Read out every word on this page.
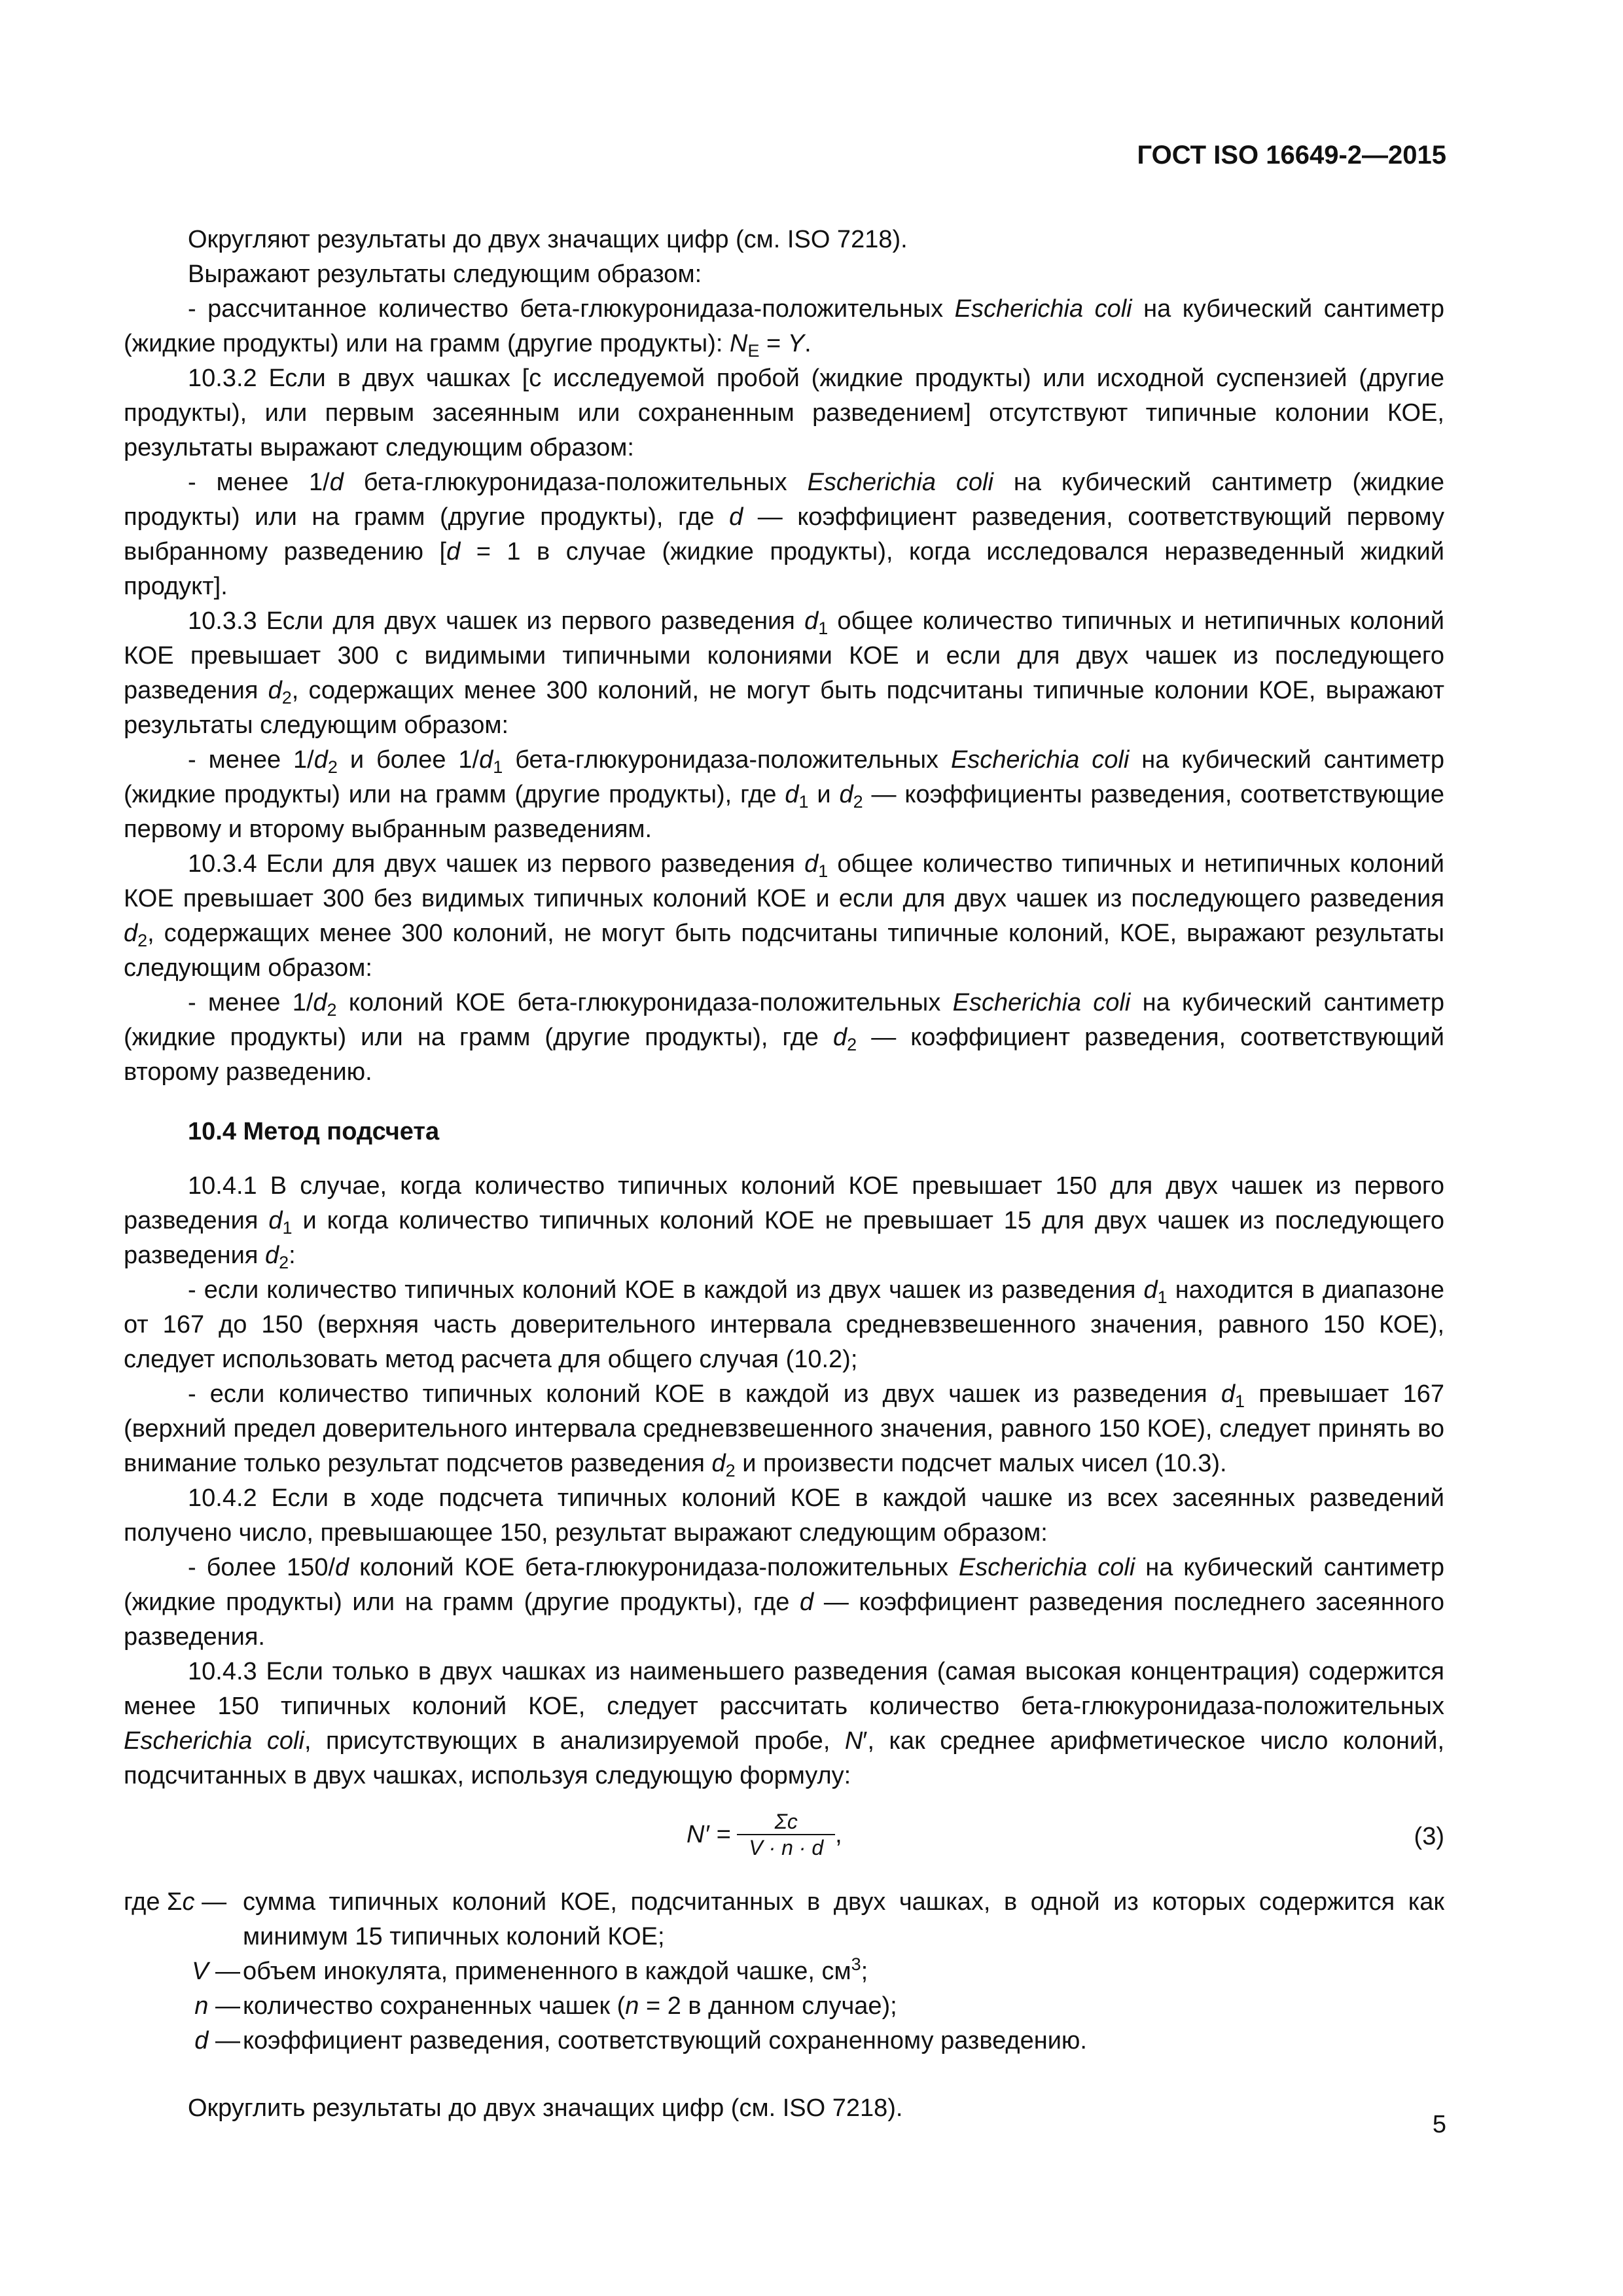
ГОСТ ISO 16649-2—2015

Округляют результаты до двух значащих цифр (см. ISO 7218).

Выражают результаты следующим образом:

- рассчитанное количество бета-глюкуронидаза-положительных Escherichia coli на кубический сантиметр (жидкие продукты) или на грамм (другие продукты): $N_E = Y$.

10.3.2 Если в двух чашках [с исследуемой пробой (жидкие продукты) или исходной суспензией (другие продукты), или первым засеянным или сохраненным разведением] отсутствуют типичные колонии КОЕ, результаты выражают следующим образом:

- менее 1/d бета-глюкуронидаза-положительных Escherichia coli на кубический сантиметр (жидкие продукты) или на грамм (другие продукты), где d — коэффициент разведения, соответствующий первому выбранному разведению [d = 1 в случае (жидкие продукты), когда исследовался неразведенный жидкий продукт].

10.3.3 Если для двух чашек из первого разведения $d_1$ общее количество типичных и нетипичных колоний КОЕ превышает 300 с видимыми типичными колониями КОЕ и если для двух чашек из последующего разведения $d_2$, содержащих менее 300 колоний, не могут быть подсчитаны типичные колонии КОЕ, выражают результаты следующим образом:

- менее $1/d_2$ и более $1/d_1$ бета-глюкуронидаза-положительных Escherichia coli на кубический сантиметр (жидкие продукты) или на грамм (другие продукты), где $d_1$ и $d_2$ — коэффициенты разведения, соответствующие первому и второму выбранным разведениям.

10.3.4 Если для двух чашек из первого разведения $d_1$ общее количество типичных и нетипичных колоний КОЕ превышает 300 без видимых типичных колоний КОЕ и если для двух чашек из последующего разведения $d_2$, содержащих менее 300 колоний, не могут быть подсчитаны типичные колоний, КОЕ, выражают результаты следующим образом:

- менее $1/d_2$ колоний КОЕ бета-глюкуронидаза-положительных Escherichia coli на кубический сантиметр (жидкие продукты) или на грамм (другие продукты), где $d_2$ — коэффициент разведения, соответствующий второму разведению.

10.4 Метод подсчета

10.4.1 В случае, когда количество типичных колоний КОЕ превышает 150 для двух чашек из первого разведения $d_1$ и когда количество типичных колоний КОЕ не превышает 15 для двух чашек из последующего разведения $d_2$:

- если количество типичных колоний КОЕ в каждой из двух чашек из разведения $d_1$ находится в диапазоне от 167 до 150 (верхняя часть доверительного интервала средневзвешенного значения, равного 150 КОЕ), следует использовать метод расчета для общего случая (10.2);

- если количество типичных колоний КОЕ в каждой из двух чашек из разведения $d_1$ превышает 167 (верхний предел доверительного интервала средневзвешенного значения, равного 150 КОЕ), следует принять во внимание только результат подсчетов разведения $d_2$ и произвести подсчет малых чисел (10.3).

10.4.2 Если в ходе подсчета типичных колоний КОЕ в каждой чашке из всех засеянных разведений получено число, превышающее 150, результат выражают следующим образом:

- более 150/d колоний КОЕ бета-глюкуронидаза-положительных Escherichia coli на кубический сантиметр (жидкие продукты) или на грамм (другие продукты), где d — коэффициент разведения последнего засеянного разведения.

10.4.3 Если только в двух чашках из наименьшего разведения (самая высокая концентрация) содержится менее 150 типичных колоний КОЕ, следует рассчитать количество бета-глюкуронидаза-положительных Escherichia coli, присутствующих в анализируемой пробе, N′, как среднее арифметическое число колоний, подсчитанных в двух чашках, используя следующую формулу:

$N' = \frac{\Sigma c}{V \cdot n \cdot d}$ ,	(3)
где Σc — сумма типичных колоний КОЕ, подсчитанных в двух чашках, в одной из которых содержится как минимум 15 типичных колоний КОЕ;
V — объем инокулята, примененного в каждой чашке, $см^3$;
n — количество сохраненных чашек (n = 2 в данном случае);
d — коэффициент разведения, соответствующий сохраненному разведению.

Округлить результаты до двух значащих цифр (см. ISO 7218).

5
